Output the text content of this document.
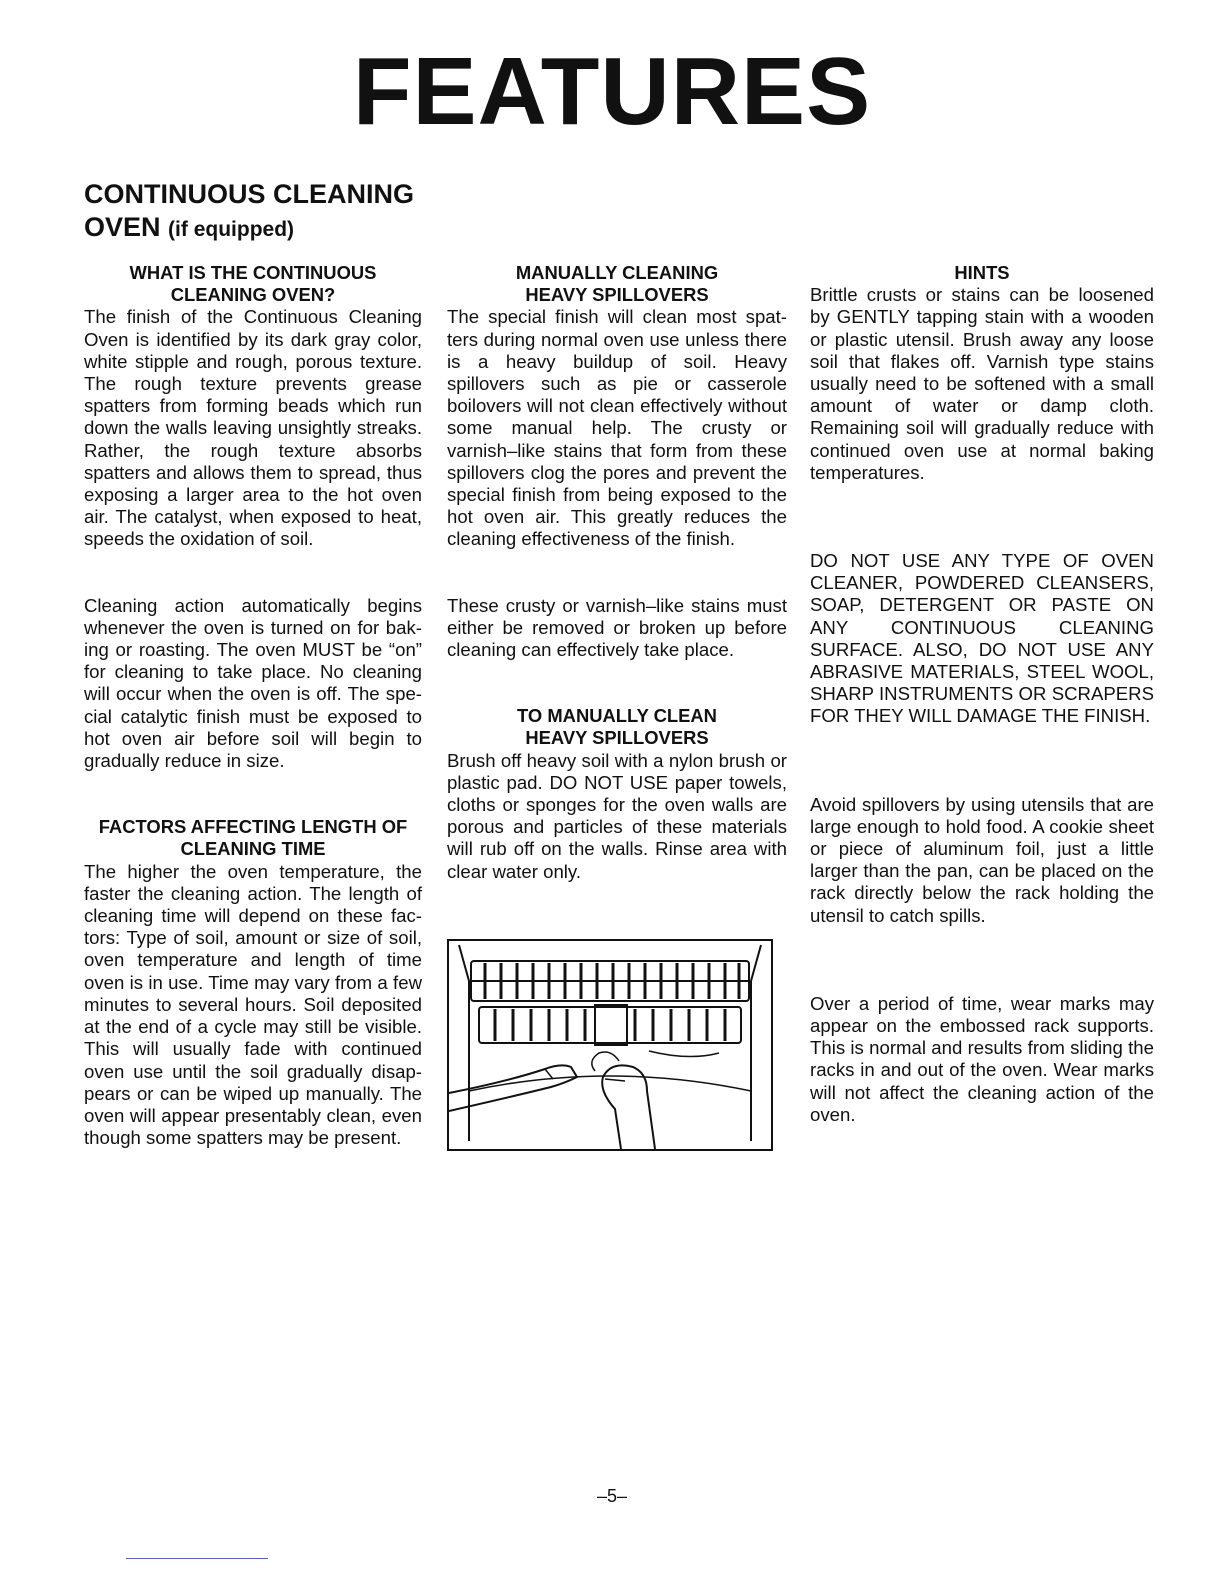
FEATURES
CONTINUOUS CLEANING
OVEN (if equipped)
WHAT IS THE CONTINUOUS
CLEANING OVEN?

The finish of the Continuous Cleaning Oven is identified by its dark gray color, white stipple and rough, porous texture. The rough texture prevents grease spatters from forming beads which run down the walls leaving unsightly streaks. Rather, the rough texture absorbs spatters and allows them to spread, thus exposing a larger area to the hot oven air. The catalyst, when exposed to heat, speeds the oxidation of soil.

Cleaning action automatically begins whenever the oven is turned on for baking or roasting. The oven MUST be “on” for cleaning to take place. No cleaning will occur when the oven is off. The special catalytic finish must be exposed to hot oven air before soil will begin to gradually reduce in size.

FACTORS AFFECTING LENGTH OF
CLEANING TIME

The higher the oven temperature, the faster the cleaning action. The length of cleaning time will depend on these factors: Type of soil, amount or size of soil, oven temperature and length of time oven is in use. Time may vary from a few minutes to several hours. Soil deposited at the end of a cycle may still be visible. This will usually fade with continued oven use until the soil gradually disappears or can be wiped up manually. The oven will appear presentably clean, even though some spatters may be present.

MANUALLY CLEANING
HEAVY SPILLOVERS

The special finish will clean most spatters during normal oven use unless there is a heavy buildup of soil. Heavy spillovers such as pie or casserole boilovers will not clean effectively without some manual help. The crusty or varnish–like stains that form from these spillovers clog the pores and prevent the special finish from being exposed to the hot oven air. This greatly reduces the cleaning effectiveness of the finish.

These crusty or varnish–like stains must either be removed or broken up before cleaning can effectively take place.

TO MANUALLY CLEAN
HEAVY SPILLOVERS

Brush off heavy soil with a nylon brush or plastic pad. DO NOT USE paper towels, cloths or sponges for the oven walls are porous and particles of these materials will rub off on the walls. Rinse area with clear water only.

HINTS

Brittle crusts or stains can be loosened by GENTLY tapping stain with a wooden or plastic utensil. Brush away any loose soil that flakes off. Varnish type stains usually need to be softened with a small amount of water or damp cloth. Remaining soil will gradually reduce with continued oven use at normal baking temperatures.

DO NOT USE ANY TYPE OF OVEN CLEANER, POWDERED CLEANSERS, SOAP, DETERGENT OR PASTE ON ANY CONTINUOUS CLEANING SURFACE. ALSO, DO NOT USE ANY ABRASIVE MATERIALS, STEEL WOOL, SHARP INSTRUMENTS OR SCRAPERS FOR THEY WILL DAMAGE THE FINISH.

Avoid spillovers by using utensils that are large enough to hold food. A cookie sheet or piece of aluminum foil, just a little larger than the pan, can be placed on the rack directly below the rack holding the utensil to catch spills.

Over a period of time, wear marks may appear on the embossed rack supports. This is normal and results from sliding the racks in and out of the oven. Wear marks will not affect the cleaning action of the oven.

–5–
